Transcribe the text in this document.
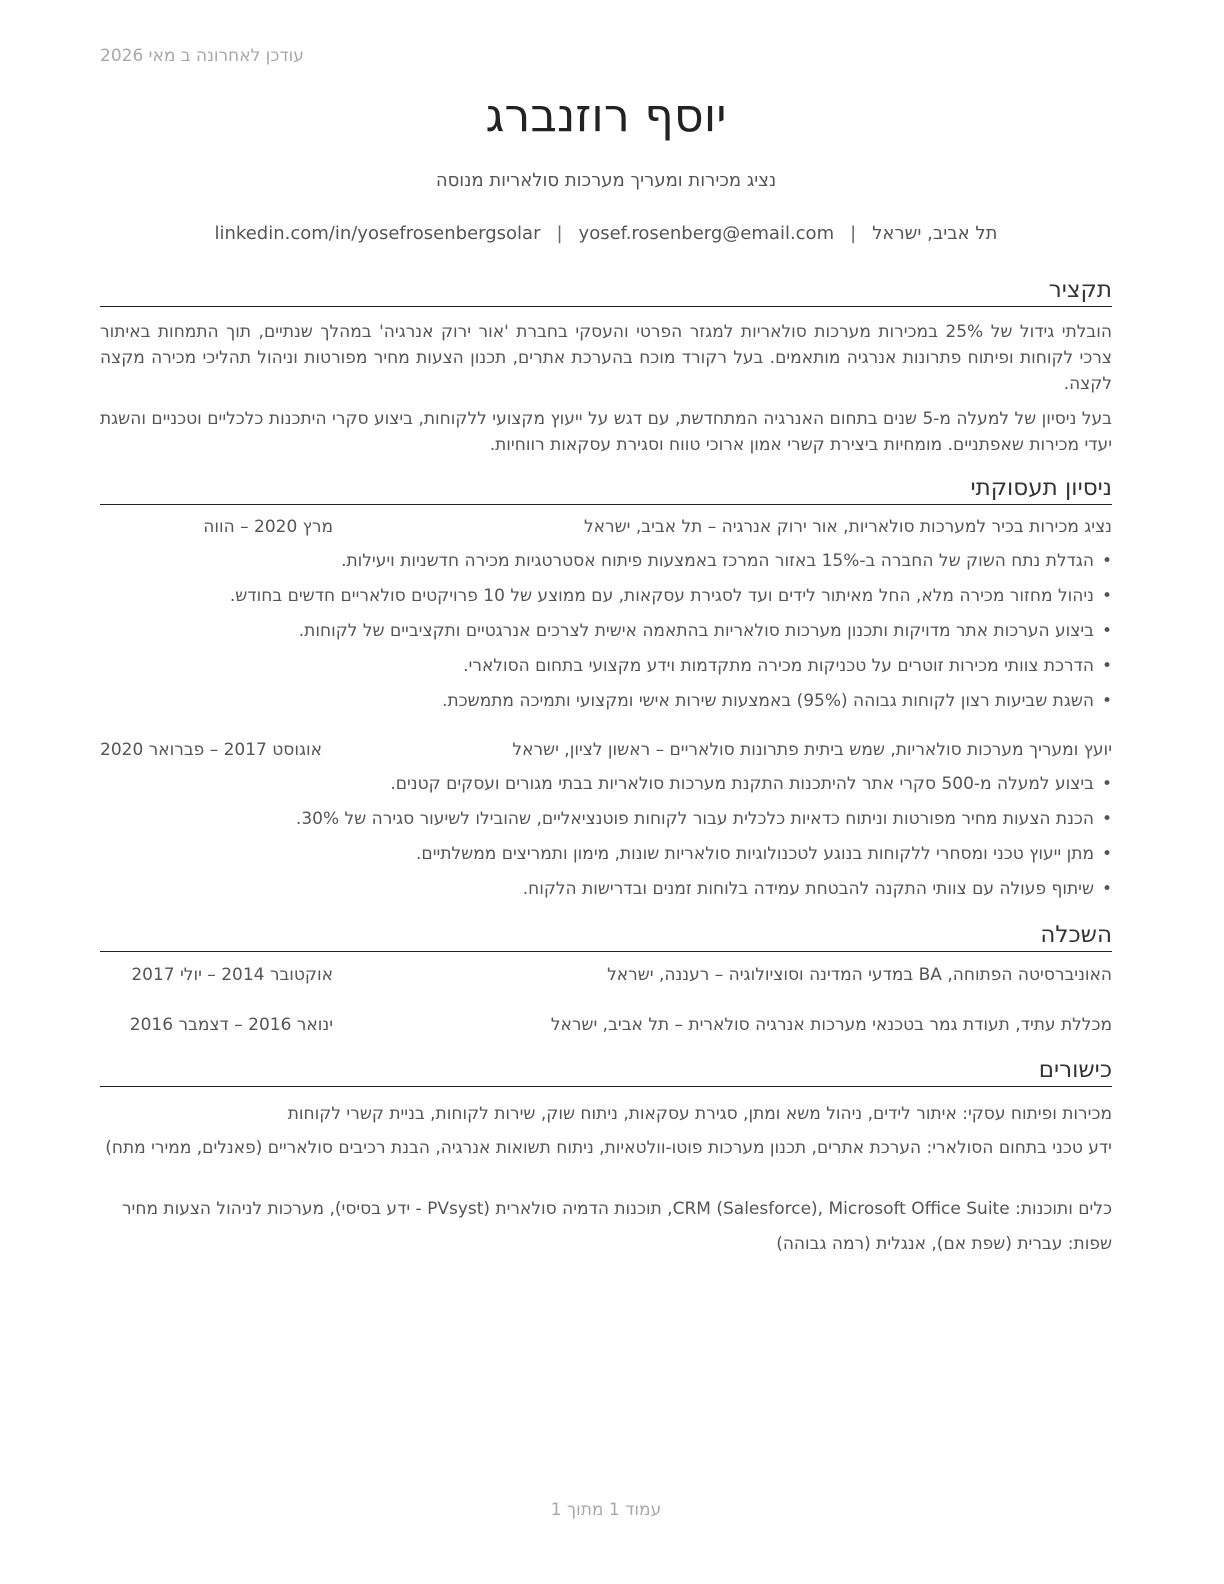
עודכן לאחרונה ב מאי 2026
יוסף רוזנברג
נציג מכירות ומעריך מערכות סולאריות מנוסה
תל אביב, ישראל|yosef.rosenberg@email.com|linkedin.com/in/yosefrosenbergsolar
תקציר
הובלתי גידול של 25% במכירות מערכות סולאריות למגזר הפרטי והעסקי בחברת 'אור ירוק אנרגיה' במהלך שנתיים, תוך התמחות באיתור צרכי לקוחות ופיתוח פתרונות אנרגיה מותאמים. בעל רקורד מוכח בהערכת אתרים, תכנון הצעות מחיר מפורטות וניהול תהליכי מכירה מקצה לקצה.
בעל ניסיון של למעלה מ-5 שנים בתחום האנרגיה המתחדשת, עם דגש על ייעוץ מקצועי ללקוחות, ביצוע סקרי היתכנות כלכליים וטכניים והשגת יעדי מכירות שאפתניים. מומחיות ביצירת קשרי אמון ארוכי טווח וסגירת עסקאות רווחיות.
ניסיון תעסוקתי
נציג מכירות בכיר למערכות סולאריות, אור ירוק אנרגיה – תל אביב, ישראל
מרץ 2020 – הווה
• הגדלת נתח השוק של החברה ב-15% באזור המרכז באמצעות פיתוח אסטרטגיות מכירה חדשניות ויעילות.
• ניהול מחזור מכירה מלא, החל מאיתור לידים ועד לסגירת עסקאות, עם ממוצע של 10 פרויקטים סולאריים חדשים בחודש.
• ביצוע הערכות אתר מדויקות ותכנון מערכות סולאריות בהתאמה אישית לצרכים אנרגטיים ותקציביים של לקוחות.
• הדרכת צוותי מכירות זוטרים על טכניקות מכירה מתקדמות וידע מקצועי בתחום הסולארי.
• השגת שביעות רצון לקוחות גבוהה (95%) באמצעות שירות אישי ומקצועי ותמיכה מתמשכת.
יועץ ומעריך מערכות סולאריות, שמש ביתית פתרונות סולאריים – ראשון לציון, ישראל
אוגוסט 2017 – פברואר 2020
• ביצוע למעלה מ-500 סקרי אתר להיתכנות התקנת מערכות סולאריות בבתי מגורים ועסקים קטנים.
• הכנת הצעות מחיר מפורטות וניתוח כדאיות כלכלית עבור לקוחות פוטנציאליים, שהובילו לשיעור סגירה של 30%.
• מתן ייעוץ טכני ומסחרי ללקוחות בנוגע לטכנולוגיות סולאריות שונות, מימון ותמריצים ממשלתיים.
• שיתוף פעולה עם צוותי התקנה להבטחת עמידה בלוחות זמנים ובדרישות הלקוח.
השכלה
האוניברסיטה הפתוחה, BA במדעי המדינה וסוציולוגיה – רעננה, ישראל
אוקטובר 2014 – יולי 2017
מכללת עתיד, תעודת גמר בטכנאי מערכות אנרגיה סולארית – תל אביב, ישראל
ינואר 2016 – דצמבר 2016
כישורים
מכירות ופיתוח עסקי: איתור לידים, ניהול משא ומתן, סגירת עסקאות, ניתוח שוק, שירות לקוחות, בניית קשרי לקוחות
ידע טכני בתחום הסולארי: הערכת אתרים, תכנון מערכות פוטו-וולטאיות, ניתוח תשואות אנרגיה, הבנת רכיבים סולאריים (פאנלים, ממירי מתח)
כלים ותוכנות: CRM (Salesforce), Microsoft Office Suite, תוכנות הדמיה סולארית (PVsyst - ידע בסיסי), מערכות לניהול הצעות מחיר
שפות: עברית (שפת אם), אנגלית (רמה גבוהה)
עמוד 1 מתוך 1
